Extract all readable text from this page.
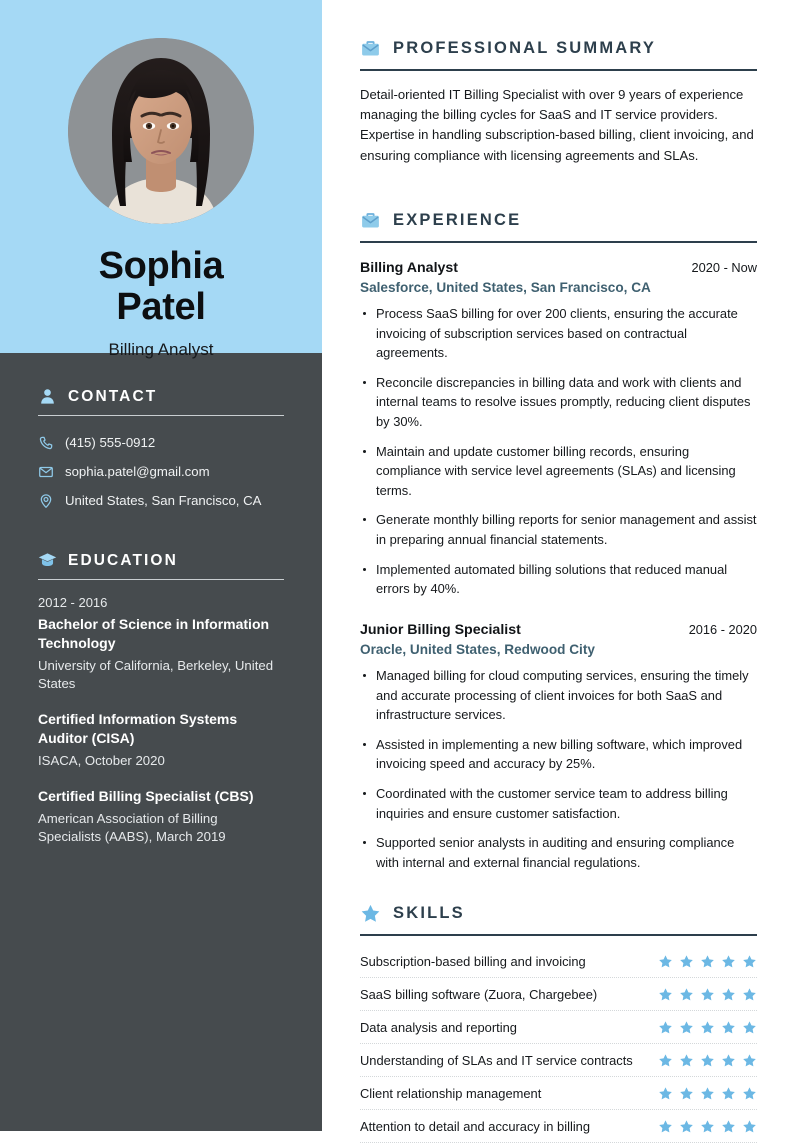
Sophia
Patel
Billing Analyst
CONTACT
(415) 555-0912
sophia.patel@gmail.com
United States, San Francisco, CA
EDUCATION
2012 - 2016
Bachelor of Science in Information Technology
University of California, Berkeley, United States
Certified Information Systems Auditor (CISA)
ISACA, October 2020
Certified Billing Specialist (CBS)
American Association of Billing Specialists (AABS), March 2019
PROFESSIONAL SUMMARY

Detail-oriented IT Billing Specialist with over 9 years of experience managing the billing cycles for SaaS and IT service providers. Expertise in handling subscription-based billing, client invoicing, and ensuring compliance with licensing agreements and SLAs.

EXPERIENCE
Billing Analyst	2020 - Now
Salesforce, United States, San Francisco, CA
Process SaaS billing for over 200 clients, ensuring the accurate invoicing of subscription services based on contractual agreements.
Reconcile discrepancies in billing data and work with clients and internal teams to resolve issues promptly, reducing client disputes by 30%.
Maintain and update customer billing records, ensuring compliance with service level agreements (SLAs) and licensing terms.
Generate monthly billing reports for senior management and assist in preparing annual financial statements.
Implemented automated billing solutions that reduced manual errors by 40%.
Junior Billing Specialist	2016 - 2020
Oracle, United States, Redwood City
Managed billing for cloud computing services, ensuring the timely and accurate processing of client invoices for both SaaS and infrastructure services.
Assisted in implementing a new billing software, which improved invoicing speed and accuracy by 25%.
Coordinated with the customer service team to address billing inquiries and ensure customer satisfaction.
Supported senior analysts in auditing and ensuring compliance with internal and external financial regulations.
SKILLS
Subscription-based billing and invoicing
SaaS billing software (Zuora, Chargebee)
Data analysis and reporting
Understanding of SLAs and IT service contracts
Client relationship management
Attention to detail and accuracy in billing
